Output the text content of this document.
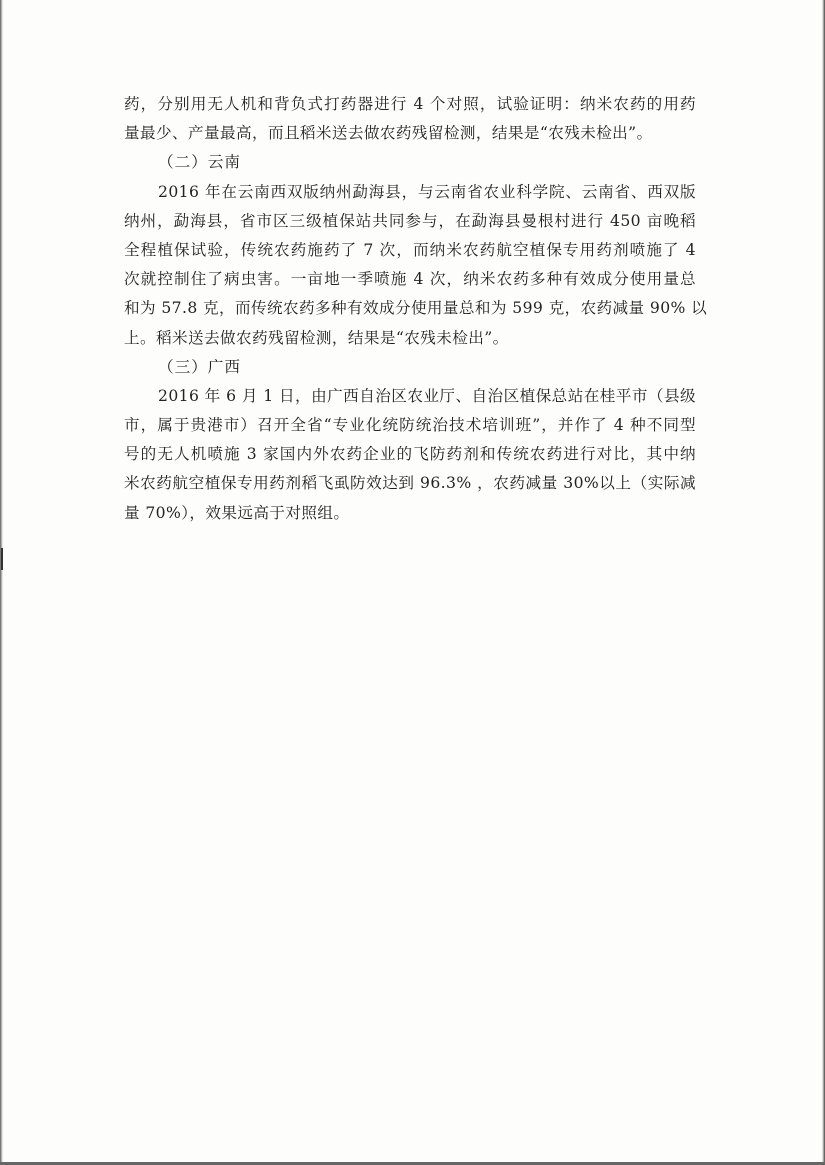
药，分别用无人机和背负式打药器进行 4 个对照，试验证明：纳米农药的用药
量最少、产量最高，而且稻米送去做农药残留检测，结果是“农残未检出”。
（二）云南
2016 年在云南西双版纳州勐海县，与云南省农业科学院、云南省、西双版
纳州，勐海县，省市区三级植保站共同参与，在勐海县曼根村进行 450 亩晚稻
全程植保试验，传统农药施药了 7 次，而纳米农药航空植保专用药剂喷施了 4
次就控制住了病虫害。一亩地一季喷施 4 次，纳米农药多种有效成分使用量总
和为 57.8 克，而传统农药多种有效成分使用量总和为 599 克，农药减量 90% 以
上。稻米送去做农药残留检测，结果是“农残未检出”。
（三）广西
2016 年 6 月 1 日，由广西自治区农业厅、自治区植保总站在桂平市（县级
市，属于贵港市）召开全省“专业化统防统治技术培训班”，并作了 4 种不同型
号的无人机喷施 3 家国内外农药企业的飞防药剂和传统农药进行对比，其中纳
米农药航空植保专用药剂稻飞虱防效达到 96.3% ，农药减量 30%以上（实际减
量 70%），效果远高于对照组。
